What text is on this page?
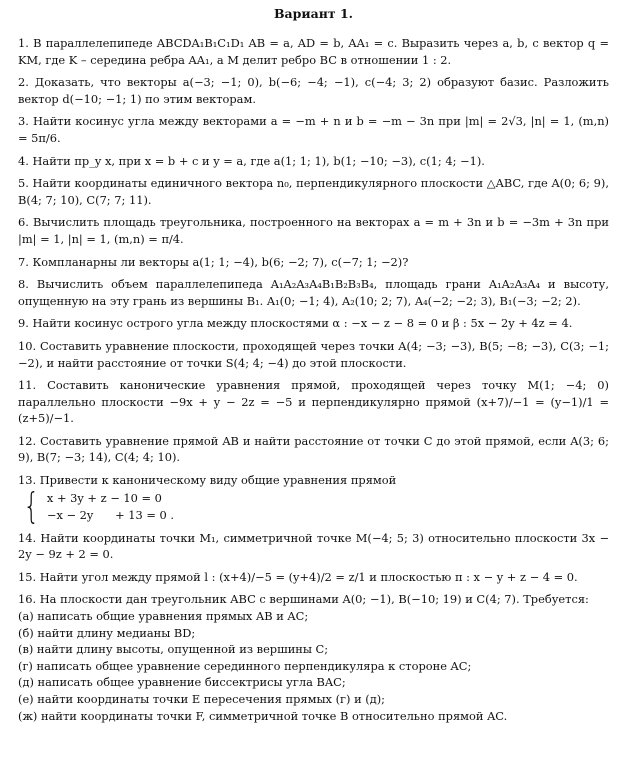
Вариант 1.
1. В параллелепипеде ABCDA₁B₁C₁D₁ AB = a, AD = b, AA₁ = c. Выразить через a, b, c вектор q = KM, где K – середина ребра AA₁, а M делит ребро BC в отношении 1 : 2.
2. Доказать, что векторы a(−3; −1; 0), b(−6; −4; −1), c(−4; 3; 2) образуют базис. Разложить вектор d(−10; −1; 1) по этим векторам.
3. Найти косинус угла между векторами a = −m + n и b = −m − 3n при |m| = 2√3, |n| = 1, (m,n) = 5π/6.
4. Найти пр_y x, при x = b + c и y = a, где a(1; 1; 1), b(1; −10; −3), c(1; 4; −1).
5. Найти координаты единичного вектора n₀, перпендикулярного плоскости △ABC, где A(0; 6; 9), B(4; 7; 10), C(7; 7; 11).
6. Вычислить площадь треугольника, построенного на векторах a = m + 3n и b = −3m + 3n при |m| = 1, |n| = 1, (m,n) = π/4.
7. Компланарны ли векторы a(1; 1; −4), b(6; −2; 7), c(−7; 1; −2)?
8. Вычислить объем параллелепипеда A₁A₂A₃A₄B₁B₂B₃B₄, площадь грани A₁A₂A₃A₄ и высоту, опущенную на эту грань из вершины B₁. A₁(0; −1; 4), A₂(10; 2; 7), A₄(−2; −2; 3), B₁(−3; −2; 2).
9. Найти косинус острого угла между плоскостями α : −x − z − 8 = 0 и β : 5x − 2y + 4z = 4.
10. Составить уравнение плоскости, проходящей через точки A(4; −3; −3), B(5; −8; −3), C(3; −1; −2), и найти расстояние от точки S(4; 4; −4) до этой плоскости.
11. Составить канонические уравнения прямой, проходящей через точку M(1; −4; 0) параллельно плоскости −9x + y − 2z = −5 и перпендикулярно прямой (x+7)/−1 = (y−1)/1 = (z+5)/−1.
12. Составить уравнение прямой AB и найти расстояние от точки C до этой прямой, если A(3; 6; 9), B(7; −3; 14), C(4; 4; 10).
13. Привести к каноническому виду общие уравнения прямой
{ x + 3y + z − 10 = 0
−x − 2y      + 13 = 0 .
14. Найти координаты точки M₁, симметричной точке M(−4; 5; 3) относительно плоскости 3x − 2y − 9z + 2 = 0.
15. Найти угол между прямой l : (x+4)/−5 = (y+4)/2 = z/1 и плоскостью π : x − y + z − 4 = 0.
16. На плоскости дан треугольник ABC с вершинами A(0; −1), B(−10; 19) и C(4; 7). Требуется:
(а) написать общие уравнения прямых AB и AC;
(б) найти длину медианы BD;
(в) найти длину высоты, опущенной из вершины C;
(г) написать общее уравнение серединного перпендикуляра к стороне AC;
(д) написать общее уравнение биссектрисы угла BAC;
(е) найти координаты точки E пересечения прямых (г) и (д);
(ж) найти координаты точки F, симметричной точке B относительно прямой AC.
